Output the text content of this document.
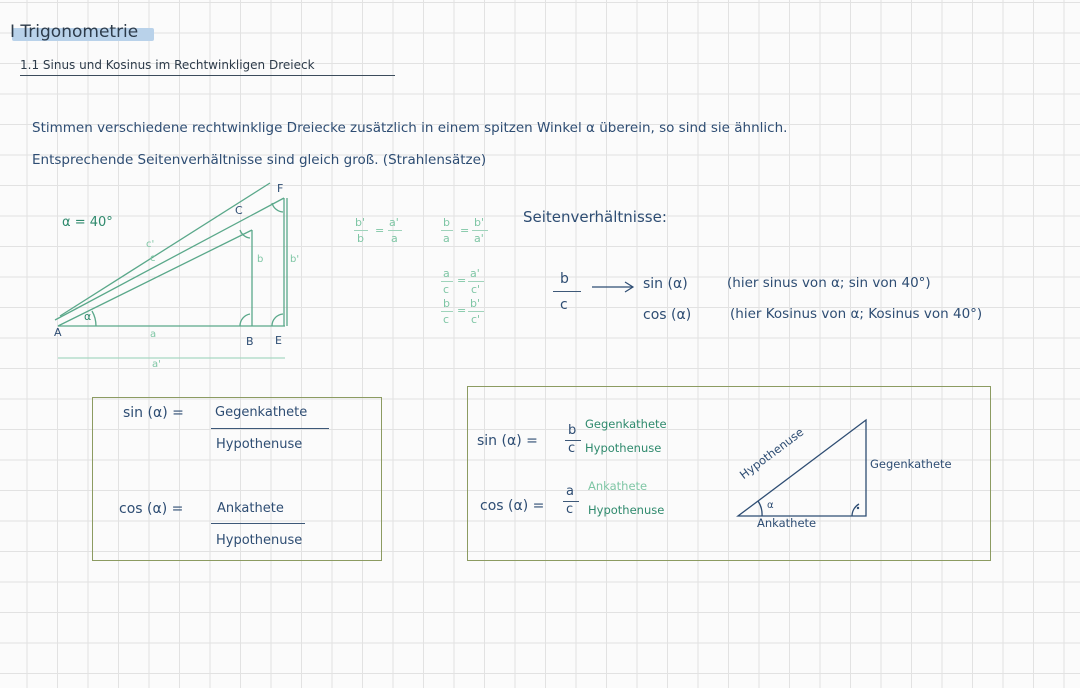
I Trigonometrie
1.1 Sinus und Kosinus im Rechtwinkligen Dreieck
Stimmen verschiedene rechtwinklige Dreiecke zusätzlich in einem spitzen Winkel α überein, so sind sie ähnlich.
Entsprechende Seitenverhältnisse sind gleich groß. (Strahlensätze)
α = 40°
α
A
B
C
E
F
a
a'
b	b'
c
c'
b'
b
=
a'
a
b
a
=
b'
a'
a
c
=
a'
c'
b
c
=
b'
c'
Seitenverhältnisse:
b
c
sin (α)	(hier sinus von α; sin von 40°)
cos (α)	(hier Kosinus von α; Kosinus von 40°)
sin (α) = Gegenkathete
Hypothenuse
cos (α) =	Ankathete
Hypothenuse
sin (α) =
b
c
Gegenkathete
Hypothenuse
cos (α) =
a
c
Ankathete
Hypothenuse
Hypothenuse	Gegenkathete
Ankathete
α
